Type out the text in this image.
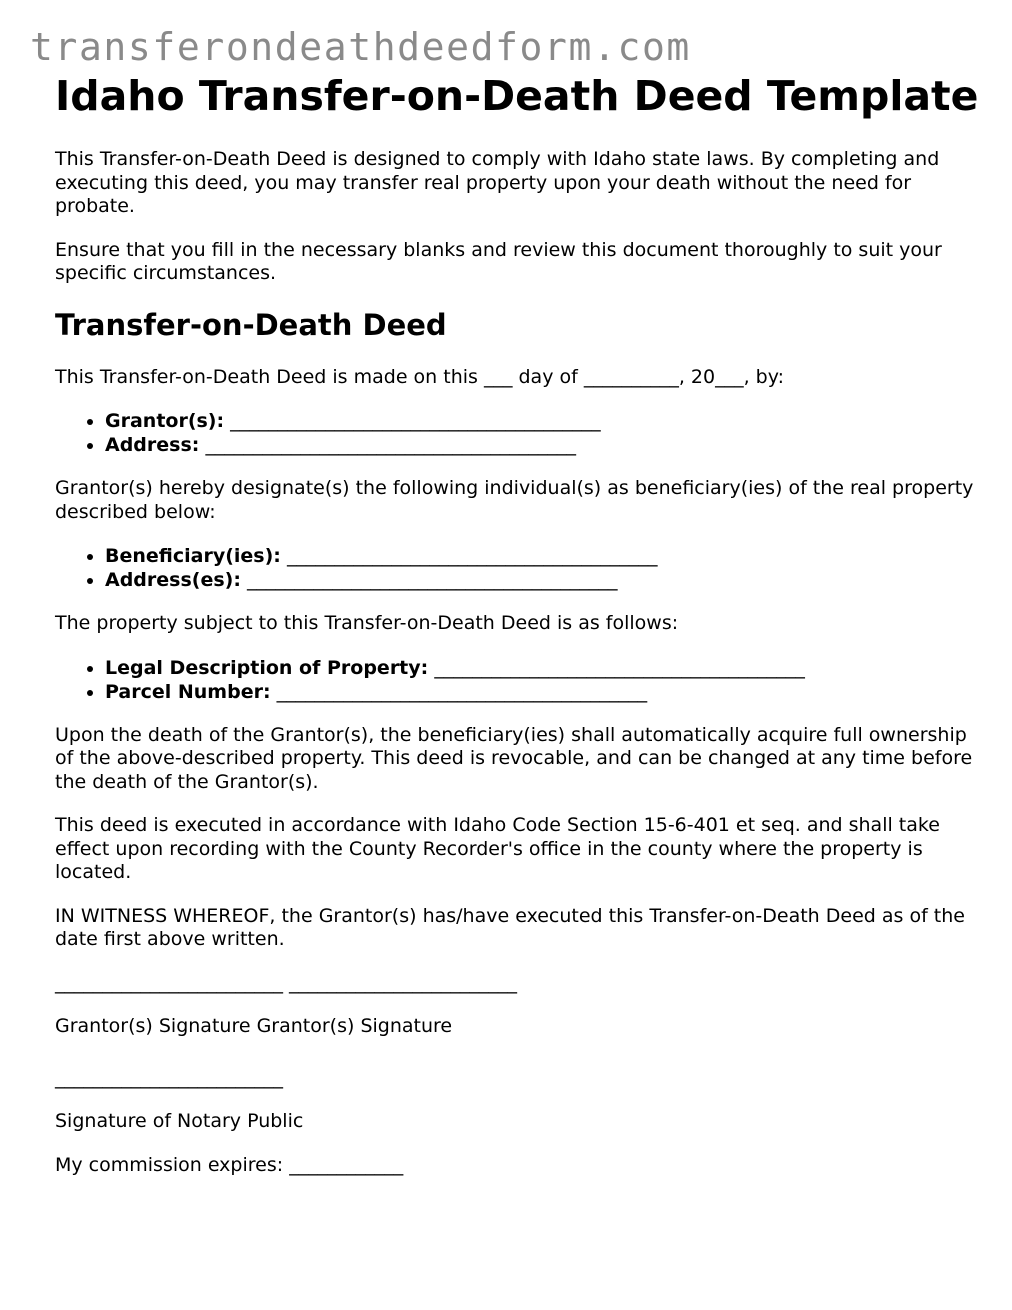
transferondeathdeedform.com
Idaho Transfer-on-Death Deed Template

This Transfer-on-Death Deed is designed to comply with Idaho state laws. By completing and executing this deed, you may transfer real property upon your death without the need for probate.

Ensure that you fill in the necessary blanks and review this document thoroughly to suit your specific circumstances.

Transfer-on-Death Deed

This Transfer-on-Death Deed is made on this ___ day of __________, 20___, by:

• Grantor(s): _______________________________________
• Address: _______________________________________

Grantor(s) hereby designate(s) the following individual(s) as beneficiary(ies) of the real property described below:

• Beneficiary(ies): _______________________________________
• Address(es): _______________________________________

The property subject to this Transfer-on-Death Deed is as follows:

• Legal Description of Property: _______________________________________
• Parcel Number: _______________________________________

Upon the death of the Grantor(s), the beneficiary(ies) shall automatically acquire full ownership of the above-described property. This deed is revocable, and can be changed at any time before the death of the Grantor(s).

This deed is executed in accordance with Idaho Code Section 15-6-401 et seq. and shall take effect upon recording with the County Recorder's office in the county where the property is located.

IN WITNESS WHEREOF, the Grantor(s) has/have executed this Transfer-on-Death Deed as of the date first above written.

________________________ ________________________

Grantor(s) Signature Grantor(s) Signature

________________________

Signature of Notary Public

My commission expires: ____________
